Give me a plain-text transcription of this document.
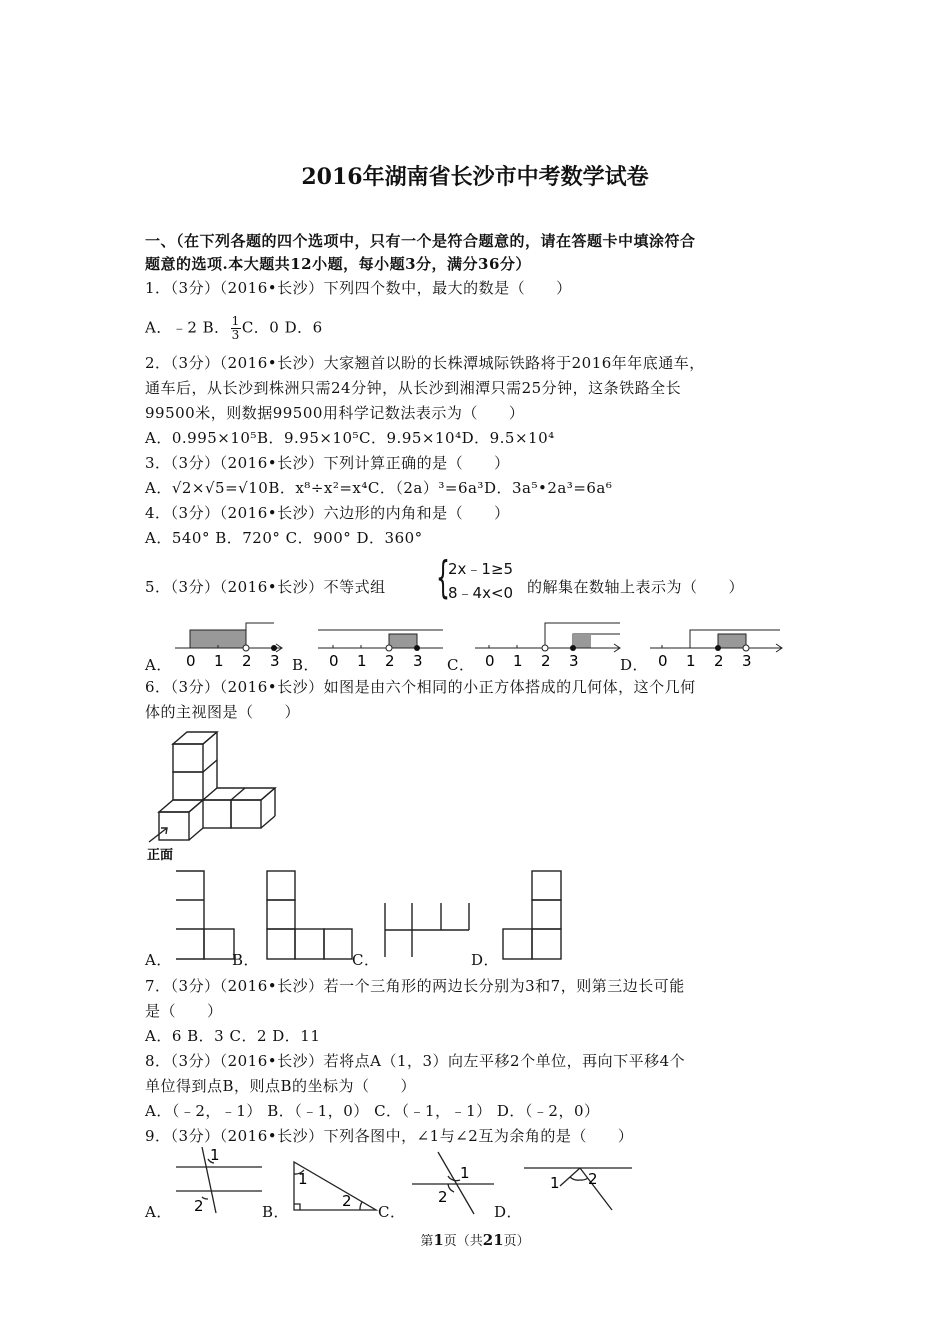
2016年湖南省长沙市中考数学试卷
一、（在下列各题的四个选项中，只有一个是符合题意的，请在答题卡中填涂符合
题意的选项.本大题共12小题，每小题3分，满分36分）
1．（3分）（2016•长沙）下列四个数中，最大的数是（　　）
A．﹣2 B． $\frac{1}{3}$ C．0 D．6
2．（3分）（2016•长沙）大家翘首以盼的长株潭城际铁路将于2016年年底通车，
通车后，从长沙到株洲只需24分钟，从长沙到湘潭只需25分钟，这条铁路全长
99500米，则数据99500用科学记数法表示为（　　）
A．0.995×10⁵B．9.95×10⁵C．9.95×10⁴D．9.5×10⁴
3．（3分）（2016•长沙）下列计算正确的是（　　）
A．√2×√5=√10B．x⁸÷x²=x⁴C．（2a）³=6a³D．3a⁵•2a³=6a⁶
4．（3分）（2016•长沙）六边形的内角和是（　　）
A．540° B．720° C．900° D．360°
5．（3分）（2016•长沙）不等式组 {
2x﹣1≥5
8﹣4x<0 的解集在数轴上表示为（　　）
A．	B．	C．	D．
0 1 2 3	0 1 2 3	0 1 2 3	0 1 2 3
6．（3分）（2016•长沙）如图是由六个相同的小正方体搭成的几何体，这个几何
体的主视图是（　　）
正面
A．	B．	C．	D．
7．（3分）（2016•长沙）若一个三角形的两边长分别为3和7，则第三边长可能
是（　　）
A．6 B．3 C．2 D．11
8．（3分）（2016•长沙）若将点A（1，3）向左平移2个单位，再向下平移4个
单位得到点B，则点B的坐标为（　　）
A．（﹣2，﹣1） B．（﹣1，0） C．（﹣1，﹣1） D．（﹣2，0）
9．（3分）（2016•长沙）下列各图中，∠1与∠2互为余角的是（　　）
A．	B．	C．	D．
1
2
1
2
1
2
1 2
第1页（共21页）
